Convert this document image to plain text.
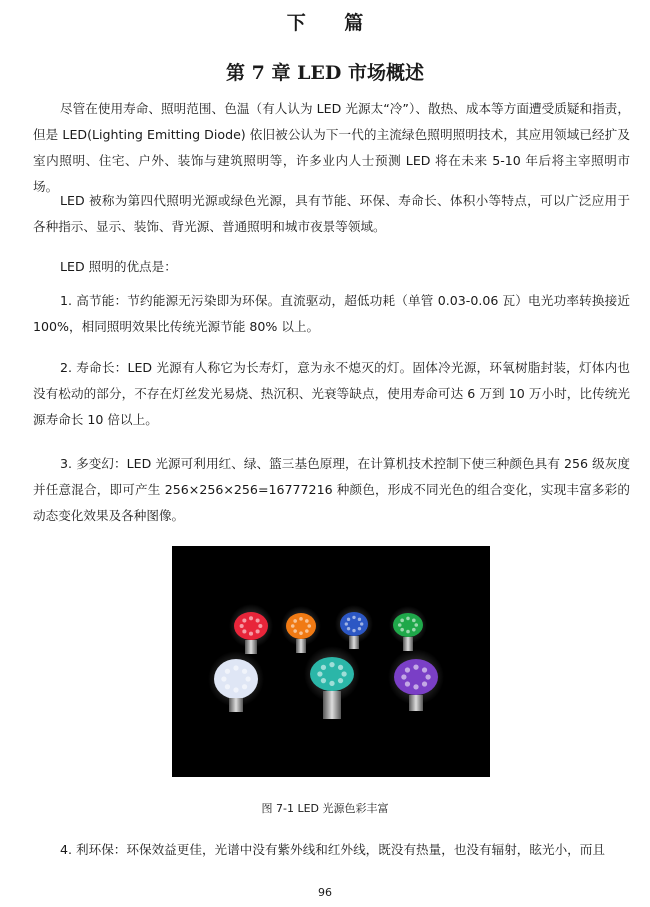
下 篇
第 7 章 LED 市场概述

尽管在使用寿命、照明范围、色温（有人认为 LED 光源太“冷”）、散热、成本等方面遭受质疑和指责，但是 LED(Lighting Emitting Diode) 依旧被公认为下一代的主流绿色照明照明技术，其应用领域已经扩及室内照明、住宅、户外、装饰与建筑照明等，许多业内人士预测 LED 将在未来 5-10 年后将主宰照明市场。

LED 被称为第四代照明光源或绿色光源，具有节能、环保、寿命长、体积小等特点，可以广泛应用于各种指示、显示、装饰、背光源、普通照明和城市夜景等领域。

LED 照明的优点是：

1. 高节能：节约能源无污染即为环保。直流驱动，超低功耗（单管 0.03-0.06 瓦）电光功率转换接近 100%，相同照明效果比传统光源节能 80% 以上。

2. 寿命长：LED 光源有人称它为长寿灯，意为永不熄灭的灯。固体冷光源，环氧树脂封装，灯体内也没有松动的部分，不存在灯丝发光易烧、热沉积、光衰等缺点，使用寿命可达 6 万到 10 万小时，比传统光源寿命长 10 倍以上。

3. 多变幻：LED 光源可利用红、绿、篮三基色原理，在计算机技术控制下使三种颜色具有 256 级灰度并任意混合，即可产生 256×256×256=16777216 种颜色，形成不同光色的组合变化，实现丰富多彩的动态变化效果及各种图像。

图 7-1 LED 光源色彩丰富

4. 利环保：环保效益更佳，光谱中没有紫外线和红外线，既没有热量，也没有辐射，眩光小，而且

96
